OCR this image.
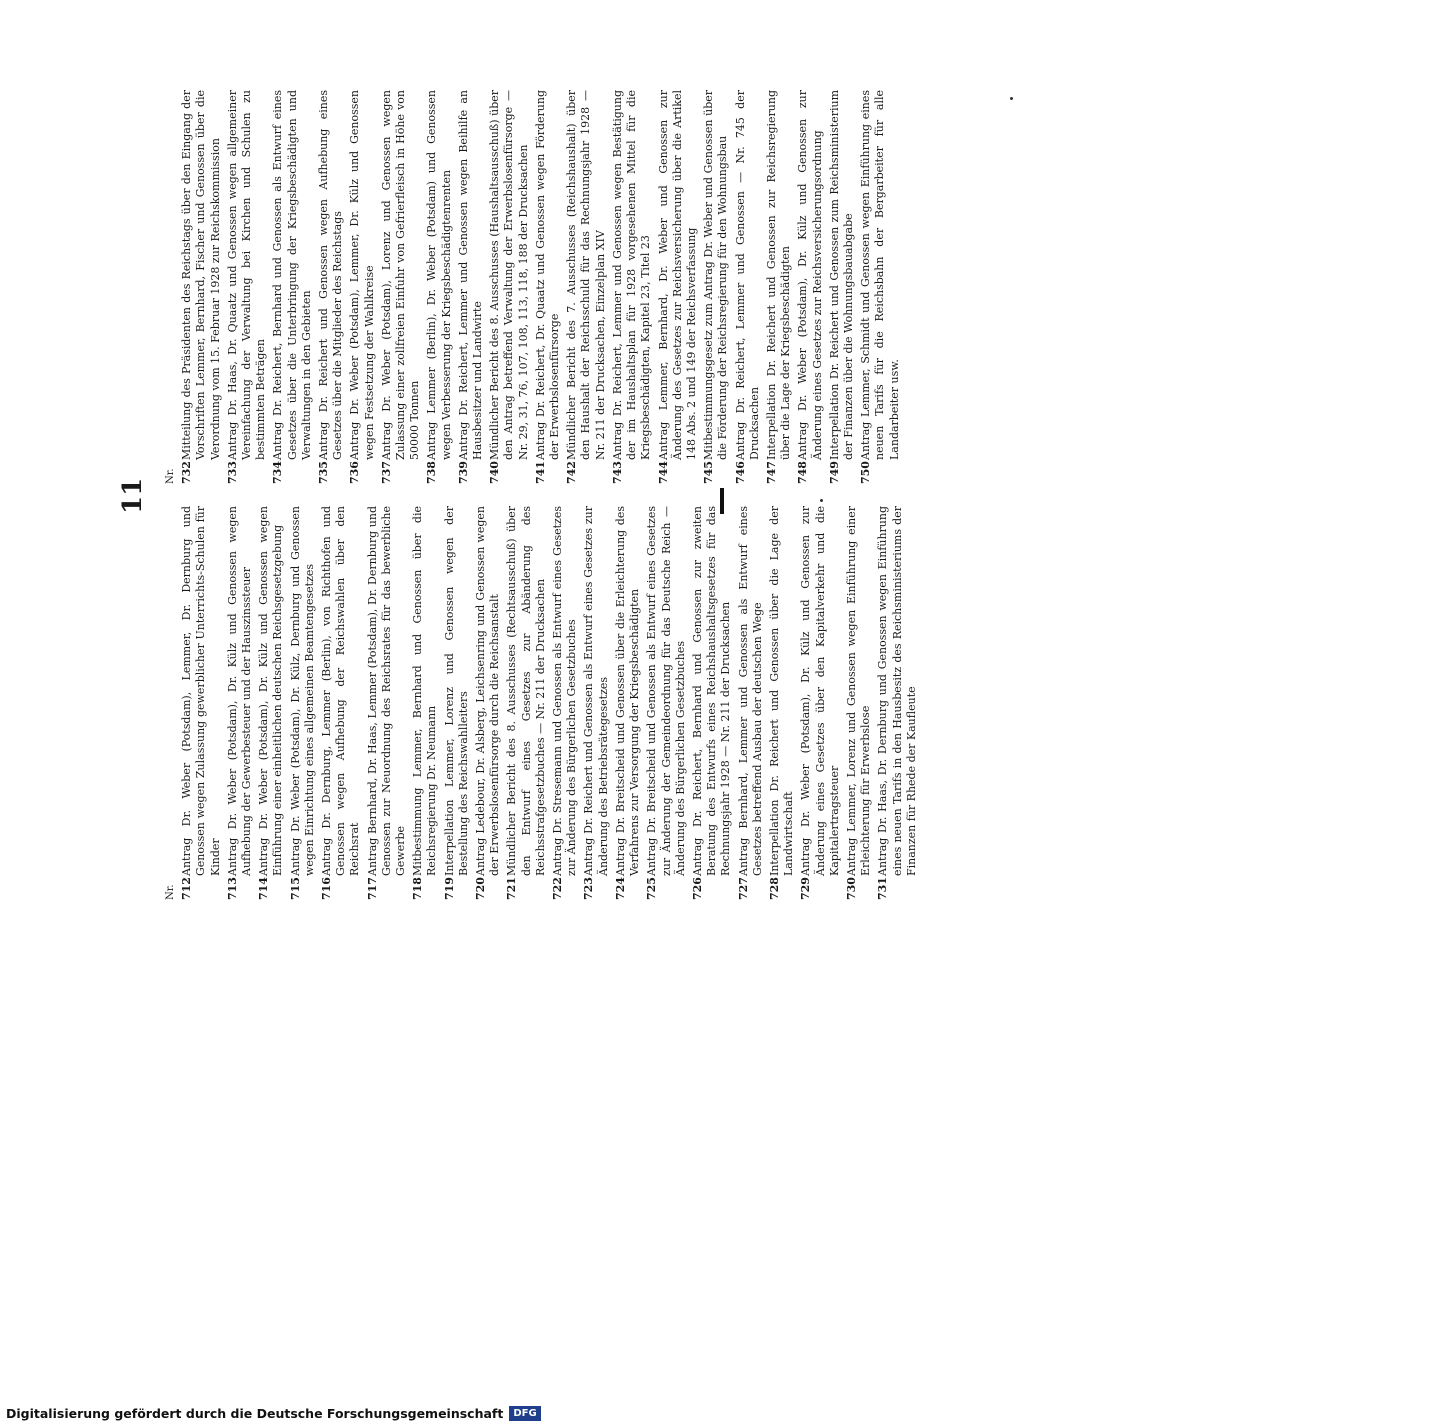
11
Nr. 712
Antrag Dr. Weber (Potsdam), Lemmer, Dr. Dernburg und Genossen wegen Zulassung gewerblicher Unterrichts-Schulen für Kinder
713
Antrag Dr. Weber (Potsdam), Dr. Külz und Genossen wegen Aufhebung der Gewerbesteuer und der Hauszinssteuer
714
Antrag Dr. Weber (Potsdam), Dr. Külz und Genossen wegen Einführung einer einheitlichen deutschen Reichsgesetzgebung
715
Antrag Dr. Weber (Potsdam), Dr. Külz, Dernburg und Genossen wegen Einrichtung eines allgemeinen Beamtengesetzes
716
Antrag Dr. Dernburg, Lemmer (Berlin), von Richthofen und Genossen wegen Aufhebung der Reichswahlen über den Reichsrat
717
Antrag Bernhard, Dr. Haas, Lemmer (Potsdam), Dr. Dernburg und Genossen zur Neuordnung des Reichsrates für das bewerbliche Gewerbe
718
Mitbestimmung Lemmer, Bernhard und Genossen über die Reichsregierung Dr. Neumann
719
Interpellation Lemmer, Lorenz und Genossen wegen der Bestellung des Reichswahlleiters
720
Antrag Ledebour, Dr. Alsberg, Leichsenring und Genossen wegen der Erwerbslosenfürsorge durch die Reichsanstalt
721
Mündlicher Bericht des 8. Ausschusses (Rechtsausschuß) über den Entwurf eines Gesetzes zur Abänderung des Reichsstrafgesetzbuches — Nr. 211 der Drucksachen
722
Antrag Dr. Stresemann und Genossen als Entwurf eines Gesetzes zur Änderung des Bürgerlichen Gesetzbuches
723
Antrag Dr. Reichert und Genossen als Entwurf eines Gesetzes zur Änderung des Betriebsrätegesetzes
724
Antrag Dr. Breitscheid und Genossen über die Erleichterung des Verfahrens zur Versorgung der Kriegsbeschädigten
725
Antrag Dr. Breitscheid und Genossen als Entwurf eines Gesetzes zur Änderung der Gemeindeordnung für das Deutsche Reich — Änderung des Bürgerlichen Gesetzbuches
726
Antrag Dr. Reichert, Bernhard und Genossen zur zweiten Beratung des Entwurfs eines Reichshaushaltsgesetzes für das Rechnungsjahr 1928 — Nr. 211 der Drucksachen
727
Antrag Bernhard, Lemmer und Genossen als Entwurf eines Gesetzes betreffend Ausbau der deutschen Wege
728
Interpellation Dr. Reichert und Genossen über die Lage der Landwirtschaft
729
Antrag Dr. Weber (Potsdam), Dr. Külz und Genossen zur Änderung eines Gesetzes über den Kapitalverkehr und die Kapitalertragsteuer
730
Antrag Lemmer, Lorenz und Genossen wegen Einführung einer Erleichterung für Erwerbslose
731
Antrag Dr. Haas, Dr. Dernburg und Genossen wegen Einführung eines neuen Tarifs in den Hausbesitz des Reichsministeriums der Finanzen für Rhede der Kaufleute
Nr. 732
Mitteilung des Präsidenten des Reichstags über den Eingang der Vorschriften Lemmer, Bernhard, Fischer und Genossen über die Verordnung vom 15. Februar 1928 zur Reichskommission
733
Antrag Dr. Haas, Dr. Quaatz und Genossen wegen allgemeiner Vereinfachung der Verwaltung bei Kirchen und Schulen zu bestimmten Beträgen
734
Antrag Dr. Reichert, Bernhard und Genossen als Entwurf eines Gesetzes über die Unterbringung der Kriegsbeschädigten und Verwaltungen in den Gebieten
735
Antrag Dr. Reichert und Genossen wegen Aufhebung eines Gesetzes über die Mitglieder des Reichstags
736
Antrag Dr. Weber (Potsdam), Lemmer, Dr. Külz und Genossen wegen Festsetzung der Wahlkreise
737
Antrag Dr. Weber (Potsdam), Lorenz und Genossen wegen Zulassung einer zollfreien Einfuhr von Gefrierfleisch in Höhe von 50000 Tonnen
738
Antrag Lemmer (Berlin), Dr. Weber (Potsdam) und Genossen wegen Verbesserung der Kriegsbeschädigtenrenten
739
Antrag Dr. Reichert, Lemmer und Genossen wegen Beihilfe an Hausbesitzer und Landwirte
740
Mündlicher Bericht des 8. Ausschusses (Haushaltsausschuß) über den Antrag betreffend Verwaltung der Erwerbslosenfürsorge — Nr. 29, 31, 76, 107, 108, 113, 118, 188 der Drucksachen
741
Antrag Dr. Reichert, Dr. Quaatz und Genossen wegen Förderung der Erwerbslosenfürsorge
742
Mündlicher Bericht des 7. Ausschusses (Reichshaushalt) über den Haushalt der Reichsschuld für das Rechnungsjahr 1928 — Nr. 211 der Drucksachen, Einzelplan XIV
743
Antrag Dr. Reichert, Lemmer und Genossen wegen Bestätigung der im Haushaltsplan für 1928 vorgesehenen Mittel für die Kriegsbeschädigten, Kapitel 23, Titel 23
744
Antrag Lemmer, Bernhard, Dr. Weber und Genossen zur Änderung des Gesetzes zur Reichsversicherung über die Artikel 148 Abs. 2 und 149 der Reichsverfassung
745
Mitbestimmungsgesetz zum Antrag Dr. Weber und Genossen über die Förderung der Reichsregierung für den Wohnungsbau
746
Antrag Dr. Reichert, Lemmer und Genossen — Nr. 745 der Drucksachen
747
Interpellation Dr. Reichert und Genossen zur Reichsregierung über die Lage der Kriegsbeschädigten
748
Antrag Dr. Weber (Potsdam), Dr. Külz und Genossen zur Änderung eines Gesetzes zur Reichsversicherungsordnung
749
Interpellation Dr. Reichert und Genossen zum Reichsministerium der Finanzen über die Wohnungsbauabgabe
750
Antrag Lemmer, Schmidt und Genossen wegen Einführung eines neuen Tarifs für die Reichsbahn der Bergarbeiter für alle Landarbeiter usw.
Digitalisierung gefördert durch die Deutsche Forschungsgemeinschaft	DFG
